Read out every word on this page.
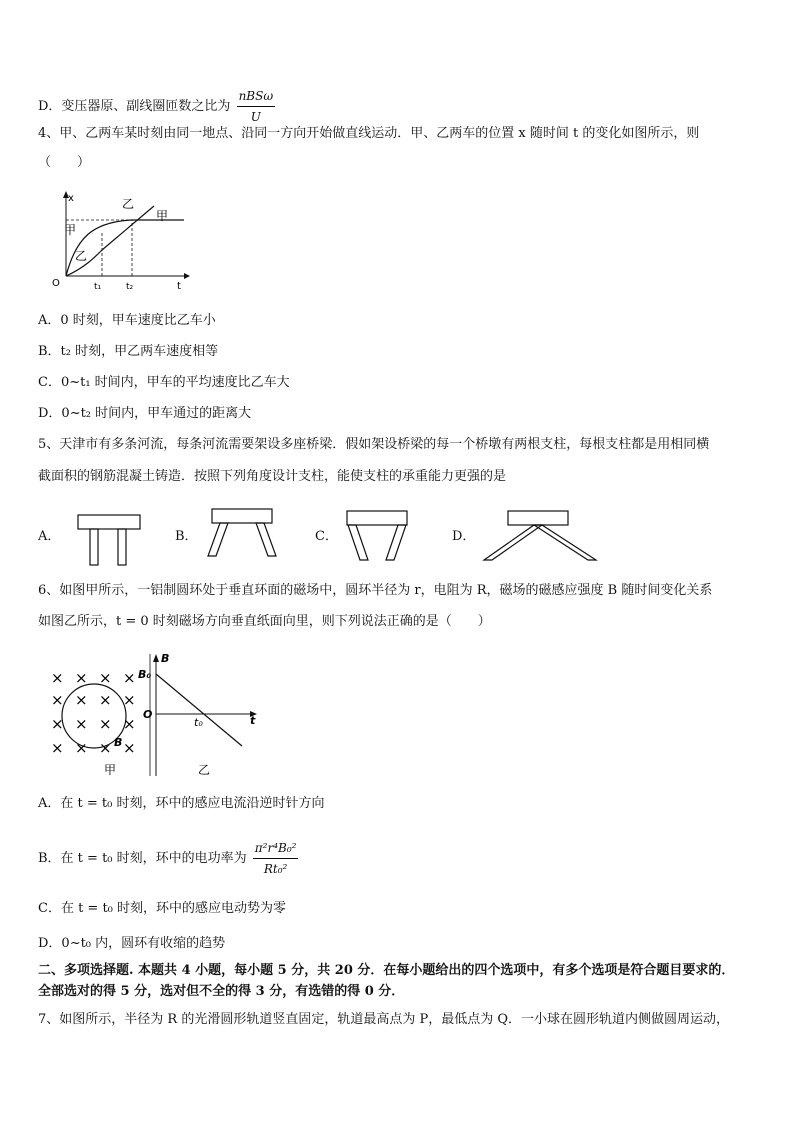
D．变压器原、副线圈匝数之比为 $\frac{\text{nBSω}}{U}$
4、甲、乙两车某时刻由同一地点、沿同一方向开始做直线运动．甲、乙两车的位置 x 随时间 t 的变化如图所示，则
（　　）
x
t
O	t₁	t₂
乙
甲
甲
乙
A．0 时刻，甲车速度比乙车小
B．t₂ 时刻，甲乙两车速度相等
C．0~t₁ 时间内，甲车的平均速度比乙车大
D．0~t₂ 时间内，甲车通过的距离大
5、天津市有多条河流，每条河流需要架设多座桥梁．假如架设桥梁的每一个桥墩有两根支柱，每根支柱都是用相同横
截面积的钢筋混凝土铸造．按照下列角度设计支柱，能使支柱的承重能力更强的是
A．	B．	C．	D．
6、如图甲所示，一铝制圆环处于垂直环面的磁场中，圆环半径为 r，电阻为 R，磁场的磁感应强度 B 随时间变化关系
如图乙所示，t = 0 时刻磁场方向垂直纸面向里，则下列说法正确的是（　　）
× × × ×
× × × ×
× × × ×
× × × ×
B
甲
B
B₀
O
t₀	t
乙
A．在 t = t₀ 时刻，环中的感应电流沿逆时针方向
B．在 t = t₀ 时刻，环中的电功率为 $\frac{\text{π²r⁴B₀²}}{\text{Rt₀²}}$
C．在 t = t₀ 时刻，环中的感应电动势为零
D．0~t₀ 内，圆环有收缩的趋势
二、多项选择题. 本题共 4 小题，每小题 5 分，共 20 分．在每小题给出的四个选项中，有多个选项是符合题目要求的．
全部选对的得 5 分，选对但不全的得 3 分，有选错的得 0 分．
7、如图所示，半径为 R 的光滑圆形轨道竖直固定，轨道最高点为 P，最低点为 Q．一小球在圆形轨道内侧做圆周运动，
